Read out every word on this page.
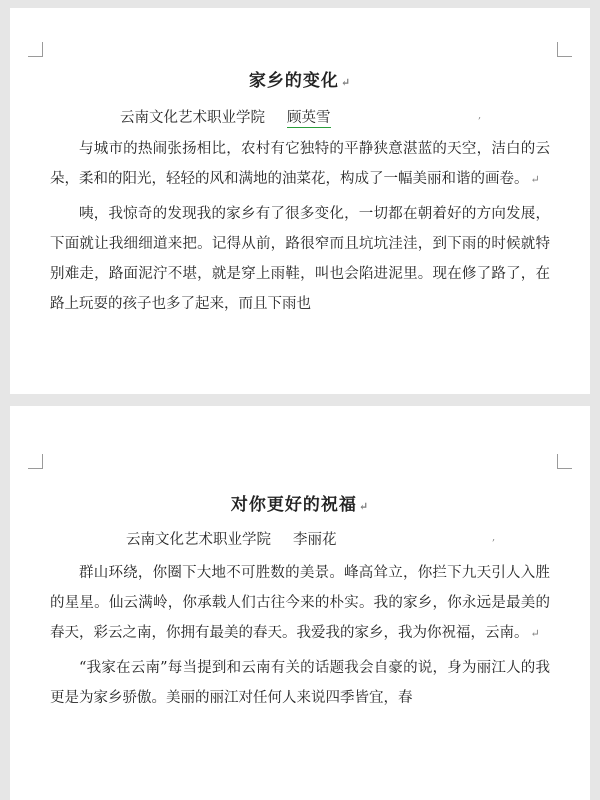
家乡的变化 ↵
云南文化艺术职业学院 顾英雪	,

与城市的热闹张扬相比，农村有它独特的平静狭意湛蓝的天空，洁白的云朵，柔和的阳光，轻轻的风和满地的油菜花，构成了一幅美丽和谐的画卷。 ↵

咦，我惊奇的发现我的家乡有了很多变化，一切都在朝着好的方向发展，下面就让我细细道来把。记得从前，路很窄而且坑坑洼洼，到下雨的时候就特别难走，路面泥泞不堪，就是穿上雨鞋，叫也会陷进泥里。现在修了路了，在路上玩耍的孩子也多了起来，而且下雨也

对你更好的祝福 ↵
云南文化艺术职业学院 李丽花	,

群山环绕，你圈下大地不可胜数的美景。峰高耸立，你拦下九天引人入胜的星星。仙云满岭，你承载人们古往今来的朴实。我的家乡，你永远是最美的春天，彩云之南，你拥有最美的春天。我爱我的家乡，我为你祝福，云南。 ↵

“我家在云南”每当提到和云南有关的话题我会自豪的说，身为丽江人的我更是为家乡骄傲。美丽的丽江对任何人来说四季皆宜，春
